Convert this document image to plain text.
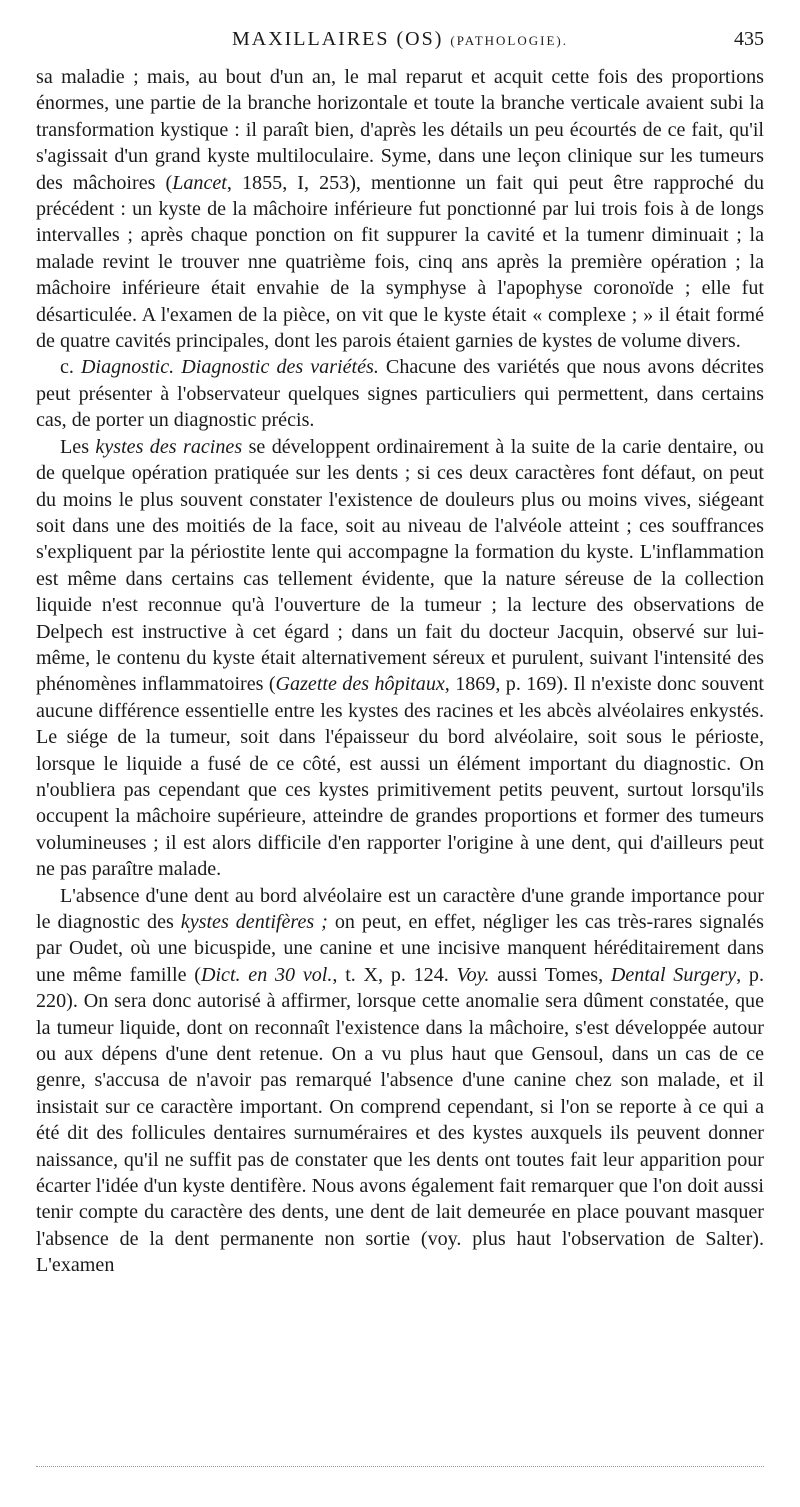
MAXILLAIRES (OS) (PATHOLOGIE).	435

sa maladie ; mais, au bout d'un an, le mal reparut et acquit cette fois des proportions énormes, une partie de la branche horizontale et toute la branche verticale avaient subi la transformation kystique : il paraît bien, d'après les détails un peu écourtés de ce fait, qu'il s'agissait d'un grand kyste multiloculaire. Syme, dans une leçon clinique sur les tumeurs des mâchoires (Lancet, 1855, I, 253), mentionne un fait qui peut être rapproché du précédent : un kyste de la mâchoire inférieure fut ponctionné par lui trois fois à de longs intervalles ; après chaque ponction on fit suppurer la cavité et la tumenr diminuait ; la malade revint le trouver nne quatrième fois, cinq ans après la première opération ; la mâchoire inférieure était envahie de la symphyse à l'apophyse coronoïde ; elle fut désarticulée. A l'examen de la pièce, on vit que le kyste était « complexe ; » il était formé de quatre cavités principales, dont les parois étaient garnies de kystes de volume divers.

c. Diagnostic. Diagnostic des variétés. Chacune des variétés que nous avons décrites peut présenter à l'observateur quelques signes particuliers qui permettent, dans certains cas, de porter un diagnostic précis.

Les kystes des racines se développent ordinairement à la suite de la carie dentaire, ou de quelque opération pratiquée sur les dents ; si ces deux caractères font défaut, on peut du moins le plus souvent constater l'existence de douleurs plus ou moins vives, siégeant soit dans une des moitiés de la face, soit au niveau de l'alvéole atteint ; ces souffrances s'expliquent par la périostite lente qui accompagne la formation du kyste. L'inflammation est même dans certains cas tellement évidente, que la nature séreuse de la collection liquide n'est reconnue qu'à l'ouverture de la tumeur ; la lecture des observations de Delpech est instructive à cet égard ; dans un fait du docteur Jacquin, observé sur lui-même, le contenu du kyste était alternativement séreux et purulent, suivant l'intensité des phénomènes inflammatoires (Gazette des hôpitaux, 1869, p. 169). Il n'existe donc souvent aucune différence essentielle entre les kystes des racines et les abcès alvéolaires enkystés. Le siége de la tumeur, soit dans l'épaisseur du bord alvéolaire, soit sous le périoste, lorsque le liquide a fusé de ce côté, est aussi un élément important du diagnostic. On n'oubliera pas cependant que ces kystes primitivement petits peuvent, surtout lorsqu'ils occupent la mâchoire supérieure, atteindre de grandes proportions et former des tumeurs volumineuses ; il est alors difficile d'en rapporter l'origine à une dent, qui d'ailleurs peut ne pas paraître malade.

L'absence d'une dent au bord alvéolaire est un caractère d'une grande importance pour le diagnostic des kystes dentifères ; on peut, en effet, négliger les cas très-rares signalés par Oudet, où une bicuspide, une canine et une incisive manquent héréditairement dans une même famille (Dict. en 30 vol., t. X, p. 124. Voy. aussi Tomes, Dental Surgery, p. 220). On sera donc autorisé à affirmer, lorsque cette anomalie sera dûment constatée, que la tumeur liquide, dont on reconnaît l'existence dans la mâchoire, s'est développée autour ou aux dépens d'une dent retenue. On a vu plus haut que Gensoul, dans un cas de ce genre, s'accusa de n'avoir pas remarqué l'absence d'une canine chez son malade, et il insistait sur ce caractère important. On comprend cependant, si l'on se reporte à ce qui a été dit des follicules dentaires surnuméraires et des kystes auxquels ils peuvent donner naissance, qu'il ne suffit pas de constater que les dents ont toutes fait leur apparition pour écarter l'idée d'un kyste dentifère. Nous avons également fait remarquer que l'on doit aussi tenir compte du caractère des dents, une dent de lait demeurée en place pouvant masquer l'absence de la dent permanente non sortie (voy. plus haut l'observation de Salter). L'examen
